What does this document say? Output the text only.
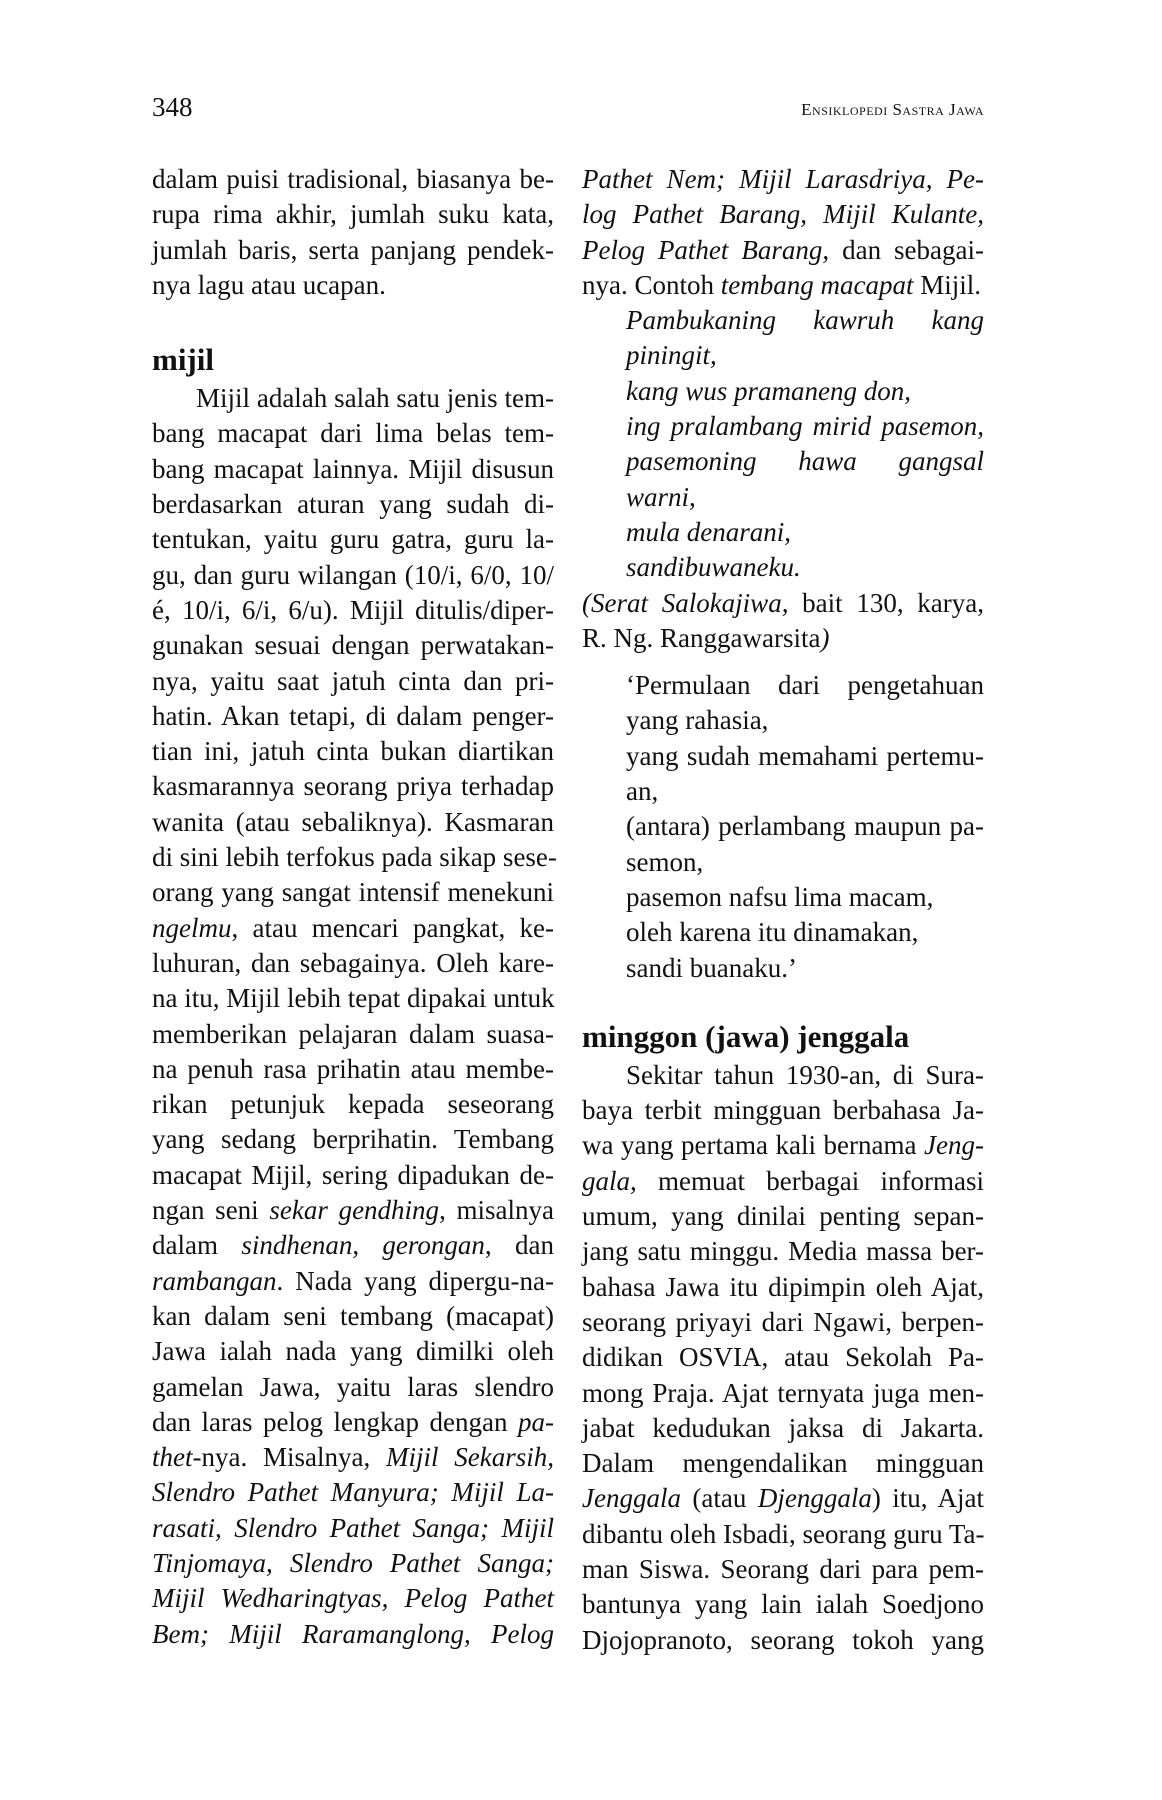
348	Ensiklopedi Sastra Jawa
dalam puisi tradisional, biasanya be-
rupa rima akhir, jumlah suku kata,
jumlah baris, serta panjang pendek-
nya lagu atau ucapan.
mijil
Mijil adalah salah satu jenis tem-
bang macapat dari lima belas tem-
bang macapat lainnya. Mijil disusun
berdasarkan aturan yang sudah di-
tentukan, yaitu guru gatra, guru la-
gu, dan guru wilangan (10/i, 6/0, 10/
é, 10/i, 6/i, 6/u). Mijil ditulis/diper-
gunakan sesuai dengan perwatakan-
nya, yaitu saat jatuh cinta dan pri-
hatin. Akan tetapi, di dalam penger-
tian ini, jatuh cinta bukan diartikan
kasmarannya seorang priya terhadap
wanita (atau sebaliknya). Kasmaran
di sini lebih terfokus pada sikap sese-
orang yang sangat intensif menekuni
ngelmu, atau mencari pangkat, ke-
luhuran, dan sebagainya. Oleh kare-
na itu, Mijil lebih tepat dipakai untuk
memberikan pelajaran dalam suasa-
na penuh rasa prihatin atau membe-
rikan petunjuk kepada seseorang
yang sedang berprihatin. Tembang
macapat Mijil, sering dipadukan de-
ngan seni sekar gendhing, misalnya
dalam sindhenan, gerongan, dan
rambangan. Nada yang dipergu-na-
kan dalam seni tembang (macapat)
Jawa ialah nada yang dimilki oleh
gamelan Jawa, yaitu laras slendro
dan laras pelog lengkap dengan pa-
thet-nya. Misalnya, Mijil Sekarsih,
Slendro Pathet Manyura; Mijil La-
rasati, Slendro Pathet Sanga; Mijil
Tinjomaya, Slendro Pathet Sanga;
Mijil Wedharingtyas, Pelog Pathet
Bem; Mijil Raramanglong, Pelog
Pathet Nem; Mijil Larasdriya, Pe-
log Pathet Barang, Mijil Kulante,
Pelog Pathet Barang, dan sebagai-
nya. Contoh tembang macapat Mijil.
Pambukaning kawruh kang
piningit,
kang wus pramaneng don,
ing pralambang mirid pasemon,
pasemoning hawa gangsal
warni,
mula denarani,
sandibuwaneku.
(Serat Salokajiwa, bait 130, karya,
R. Ng. Ranggawarsita)
‘Permulaan dari pengetahuan
yang rahasia,
yang sudah memahami pertemu-
an,
(antara) perlambang maupun pa-
semon,
pasemon nafsu lima macam,
oleh karena itu dinamakan,
sandi buanaku.’
minggon (jawa) jenggala
Sekitar tahun 1930-an, di Sura-
baya terbit mingguan berbahasa Ja-
wa yang pertama kali bernama Jeng-
gala, memuat berbagai informasi
umum, yang dinilai penting sepan-
jang satu minggu. Media massa ber-
bahasa Jawa itu dipimpin oleh Ajat,
seorang priyayi dari Ngawi, berpen-
didikan OSVIA, atau Sekolah Pa-
mong Praja. Ajat ternyata juga men-
jabat kedudukan jaksa di Jakarta.
Dalam mengendalikan mingguan
Jenggala (atau Djenggala) itu, Ajat
dibantu oleh Isbadi, seorang guru Ta-
man Siswa. Seorang dari para pem-
bantunya yang lain ialah Soedjono
Djojopranoto, seorang tokoh yang
